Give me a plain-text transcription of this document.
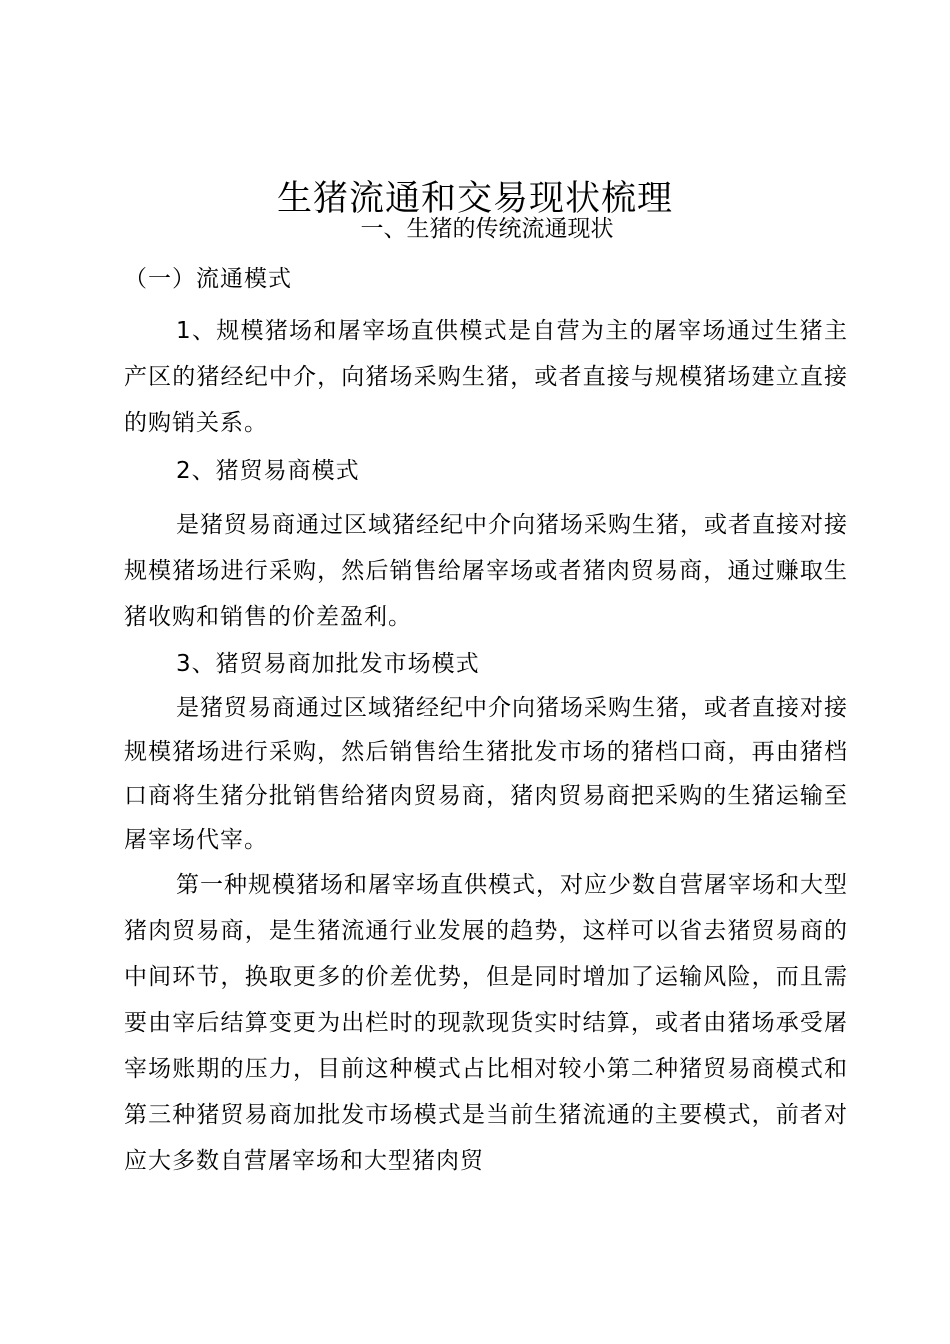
生猪流通和交易现状梳理
一、生猪的传统流通现状

（一）流通模式

1、规模猪场和屠宰场直供模式是自营为主的屠宰场通过生猪主产区的猪经纪中介，向猪场采购生猪，或者直接与规模猪场建立直接的购销关系。

2、猪贸易商模式

是猪贸易商通过区域猪经纪中介向猪场采购生猪，或者直接对接规模猪场进行采购，然后销售给屠宰场或者猪肉贸易商，通过赚取生猪收购和销售的价差盈利。

3、猪贸易商加批发市场模式

是猪贸易商通过区域猪经纪中介向猪场采购生猪，或者直接对接规模猪场进行采购，然后销售给生猪批发市场的猪档口商，再由猪档口商将生猪分批销售给猪肉贸易商，猪肉贸易商把采购的生猪运输至屠宰场代宰。

第一种规模猪场和屠宰场直供模式，对应少数自营屠宰场和大型猪肉贸易商，是生猪流通行业发展的趋势，这样可以省去猪贸易商的中间环节，换取更多的价差优势，但是同时增加了运输风险，而且需要由宰后结算变更为出栏时的现款现货实时结算，或者由猪场承受屠宰场账期的压力，目前这种模式占比相对较小第二种猪贸易商模式和第三种猪贸易商加批发市场模式是当前生猪流通的主要模式，前者对应大多数自营屠宰场和大型猪肉贸
